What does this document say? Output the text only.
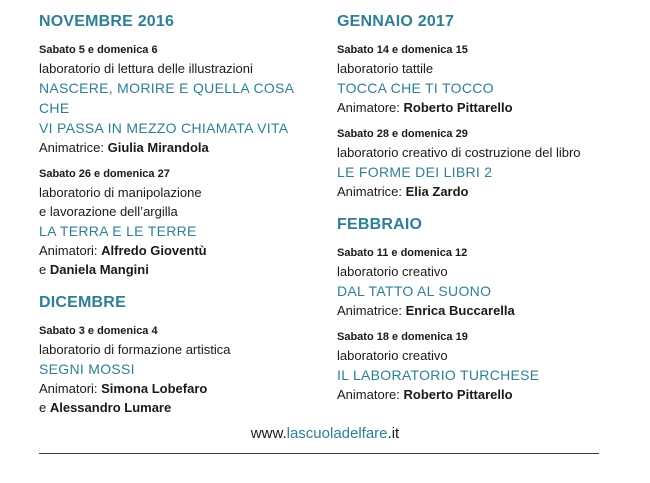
NOVEMBRE 2016
Sabato 5 e domenica 6
laboratorio di lettura delle illustrazioni
NASCERE, MORIRE E QUELLA COSA CHE
VI PASSA IN MEZZO CHIAMATA VITA
Animatrice: Giulia Mirandola
Sabato 26 e domenica 27
laboratorio di manipolazione
e lavorazione dell’argilla
LA TERRA E LE TERRE
Animatori: Alfredo Gioventù
e Daniela Mangini
DICEMBRE
Sabato 3 e domenica 4
laboratorio di formazione artistica
SEGNI MOSSI
Animatori: Simona Lobefaro
e Alessandro Lumare
GENNAIO 2017
Sabato 14 e domenica 15
laboratorio tattile
TOCCA CHE TI TOCCO
Animatore: Roberto Pittarello
Sabato 28 e domenica 29
laboratorio creativo di costruzione del libro
LE FORME DEI LIBRI 2
Animatrice: Elia Zardo
FEBBRAIO
Sabato 11 e domenica 12
laboratorio creativo
DAL TATTO AL SUONO
Animatrice: Enrica Buccarella
Sabato 18 e domenica 19
laboratorio creativo
IL LABORATORIO TURCHESE
Animatore: Roberto Pittarello
www.lascuoladelfare.it
